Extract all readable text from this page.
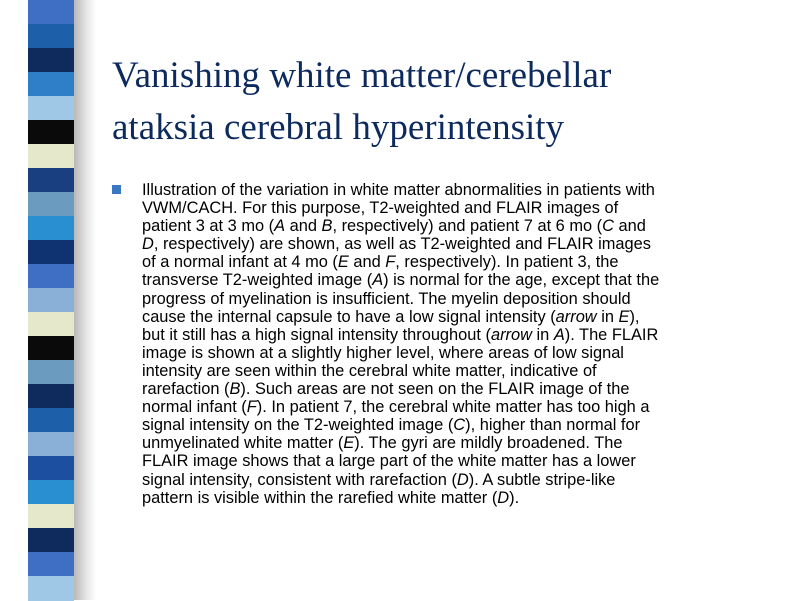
Vanishing white matter/cerebellar
ataksia cerebral hyperintensity

Illustration of the variation in white matter abnormalities in patients with
VWM/CACH. For this purpose, T2-weighted and FLAIR images of
patient 3 at 3 mo (A and B, respectively) and patient 7 at 6 mo (C and
D, respectively) are shown, as well as T2-weighted and FLAIR images
of a normal infant at 4 mo (E and F, respectively). In patient 3, the
transverse T2-weighted image (A) is normal for the age, except that the
progress of myelination is insufficient. The myelin deposition should
cause the internal capsule to have a low signal intensity (arrow in E),
but it still has a high signal intensity throughout (arrow in A). The FLAIR
image is shown at a slightly higher level, where areas of low signal
intensity are seen within the cerebral white matter, indicative of
rarefaction (B). Such areas are not seen on the FLAIR image of the
normal infant (F). In patient 7, the cerebral white matter has too high a
signal intensity on the T2-weighted image (C), higher than normal for
unmyelinated white matter (E). The gyri are mildly broadened. The
FLAIR image shows that a large part of the white matter has a lower
signal intensity, consistent with rarefaction (D). A subtle stripe-like
pattern is visible within the rarefied white matter (D).
